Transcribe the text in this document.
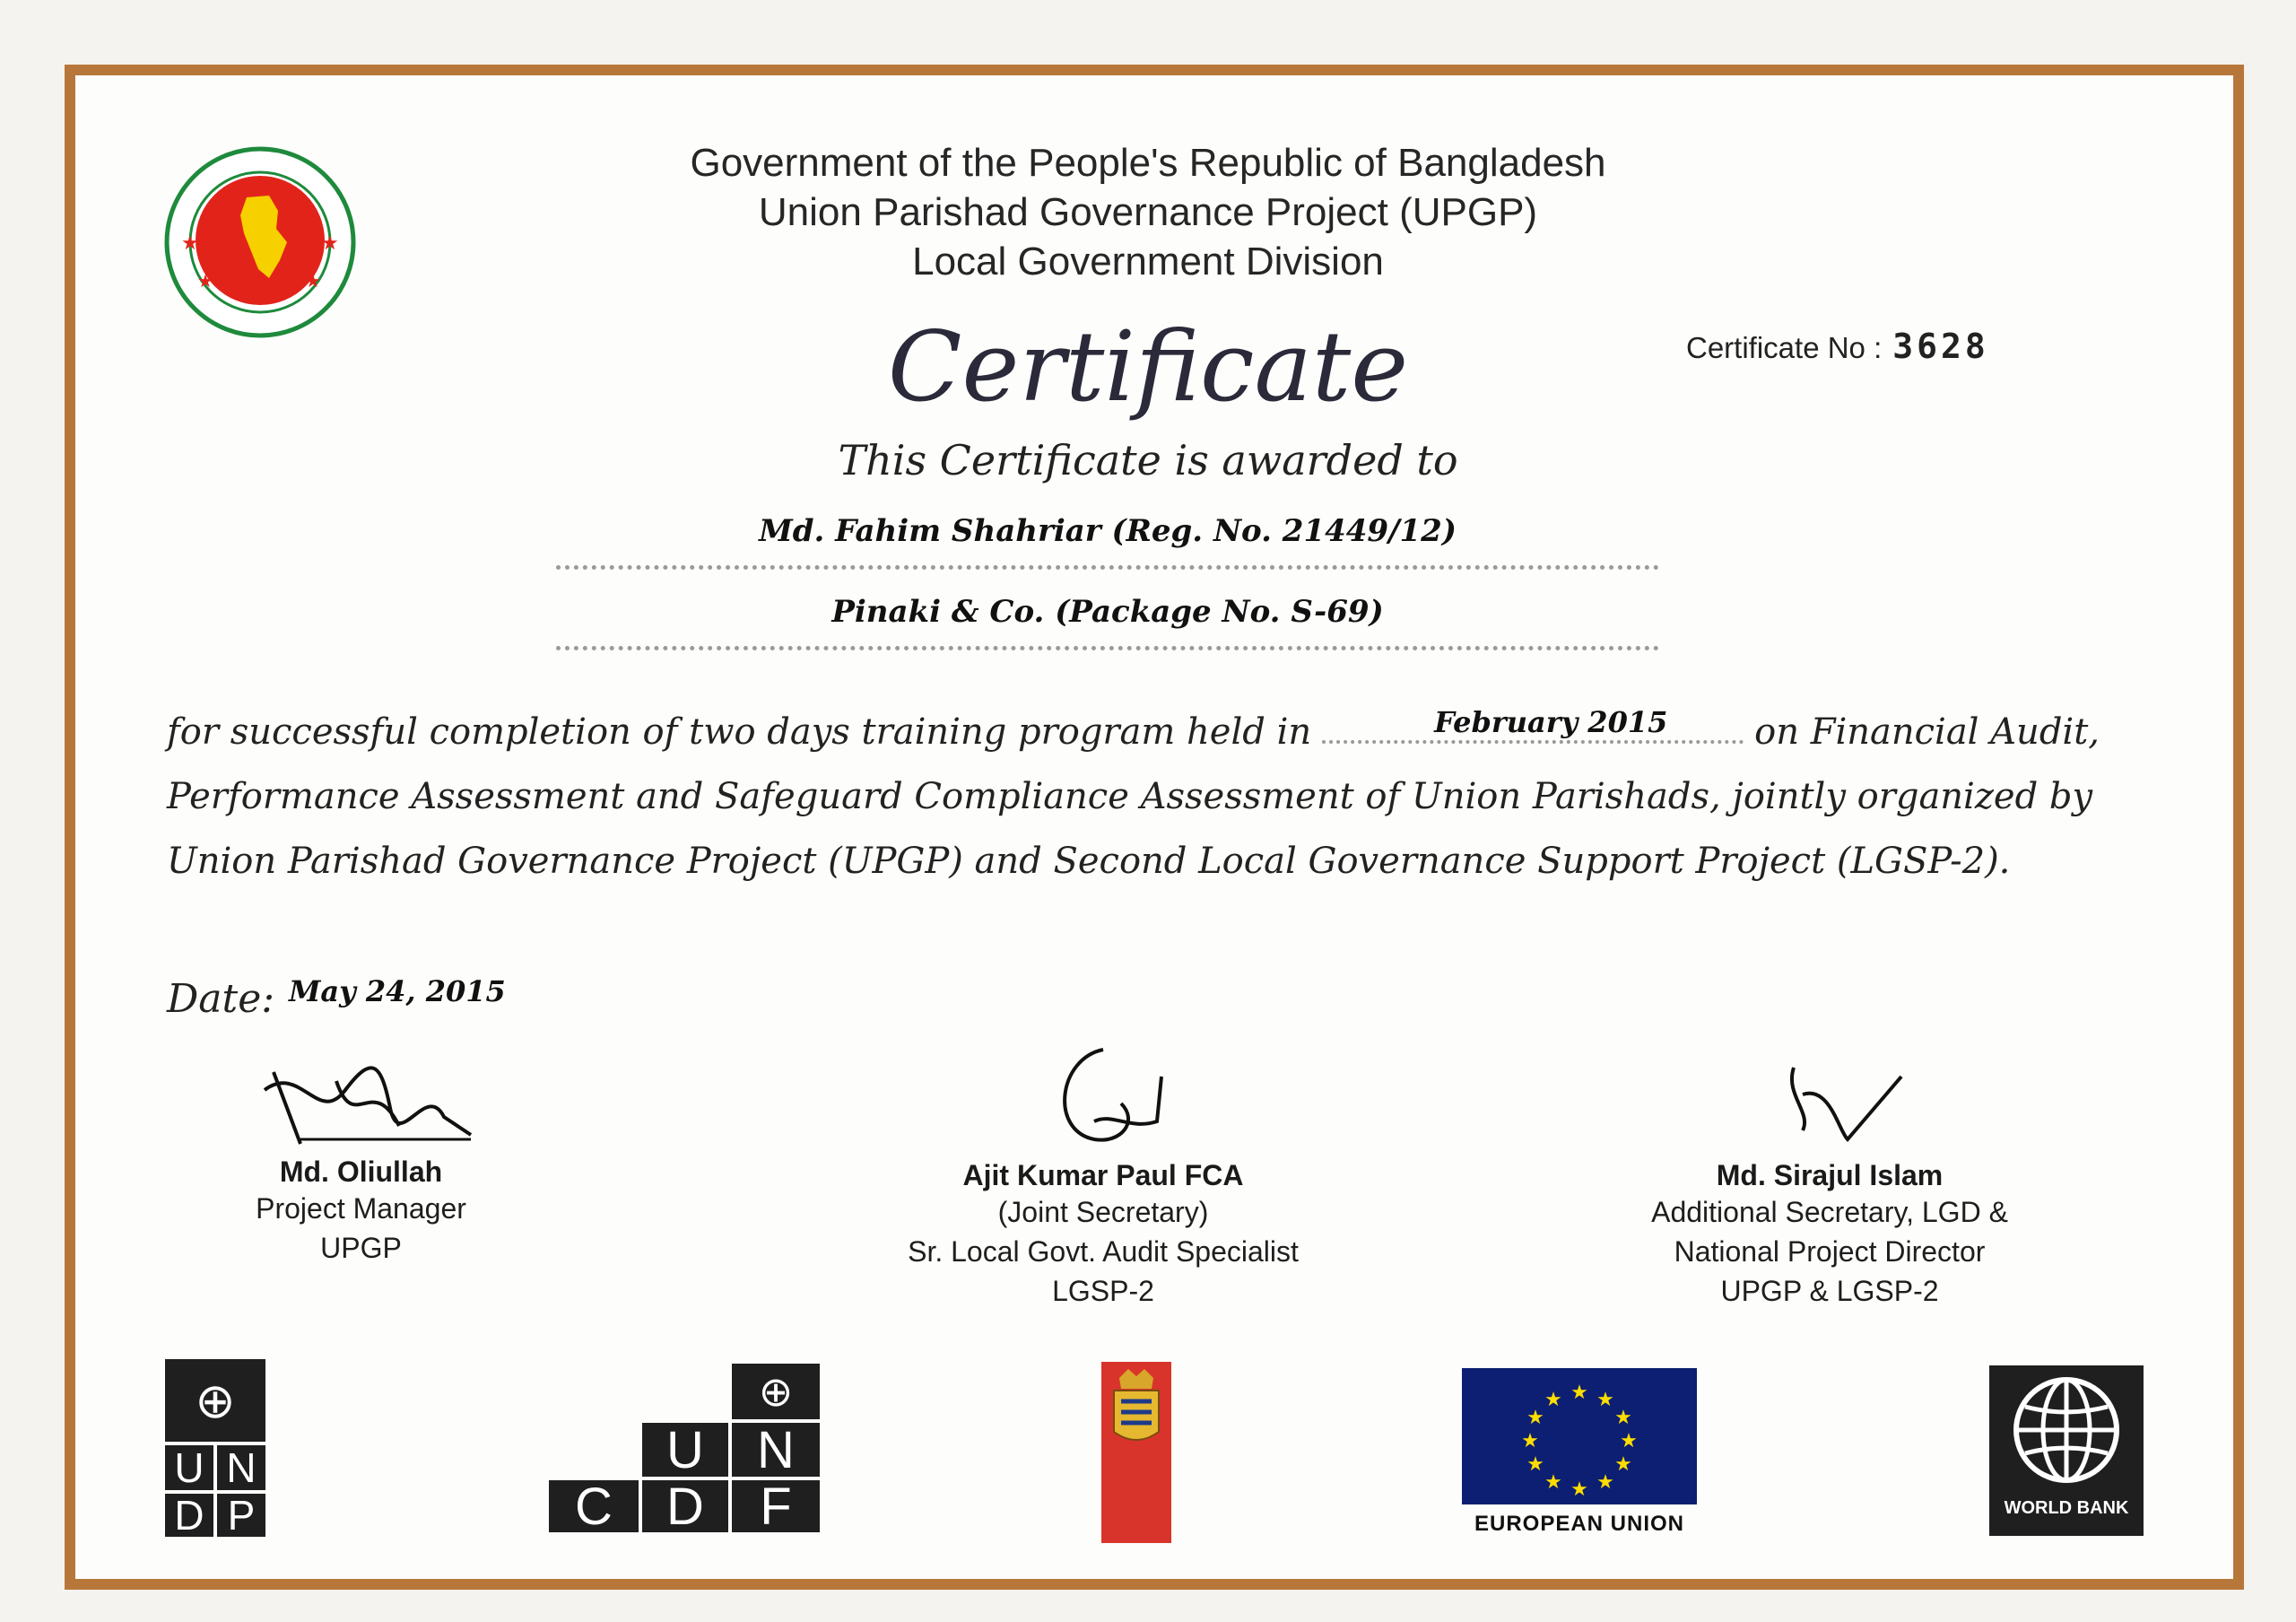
★	★
★	★
Government of the People's Republic of Bangladesh
Union Parishad Governance Project (UPGP)
Local Government Division
Certificate No : 3628
Certificate
This Certificate is awarded to
Md. Fahim Shahriar (Reg. No. 21449/12)
Pinaki & Co. (Package No. S-69)
for successful completion of two days training program held in	February 2015 on Financial Audit, Performance Assessment and Safeguard Compliance Assessment of Union Parishads, jointly organized by Union Parishad Governance Project (UPGP) and Second Local Governance Support Project (LGSP-2).
Date: May 24, 2015
Md. Oliullah
Project Manager
UPGP
Ajit Kumar Paul FCA
(Joint Secretary)
Sr. Local Govt. Audit Specialist
LGSP-2
Md. Sirajul Islam
Additional Secretary, LGD &
National Project Director
UPGP & LGSP-2
⊕
U N
D P
⊕
U	N
C	D	F
★ ★
★
★
★
★
★
★
★
★
★
★
EUROPEAN UNION
WORLD BANK
